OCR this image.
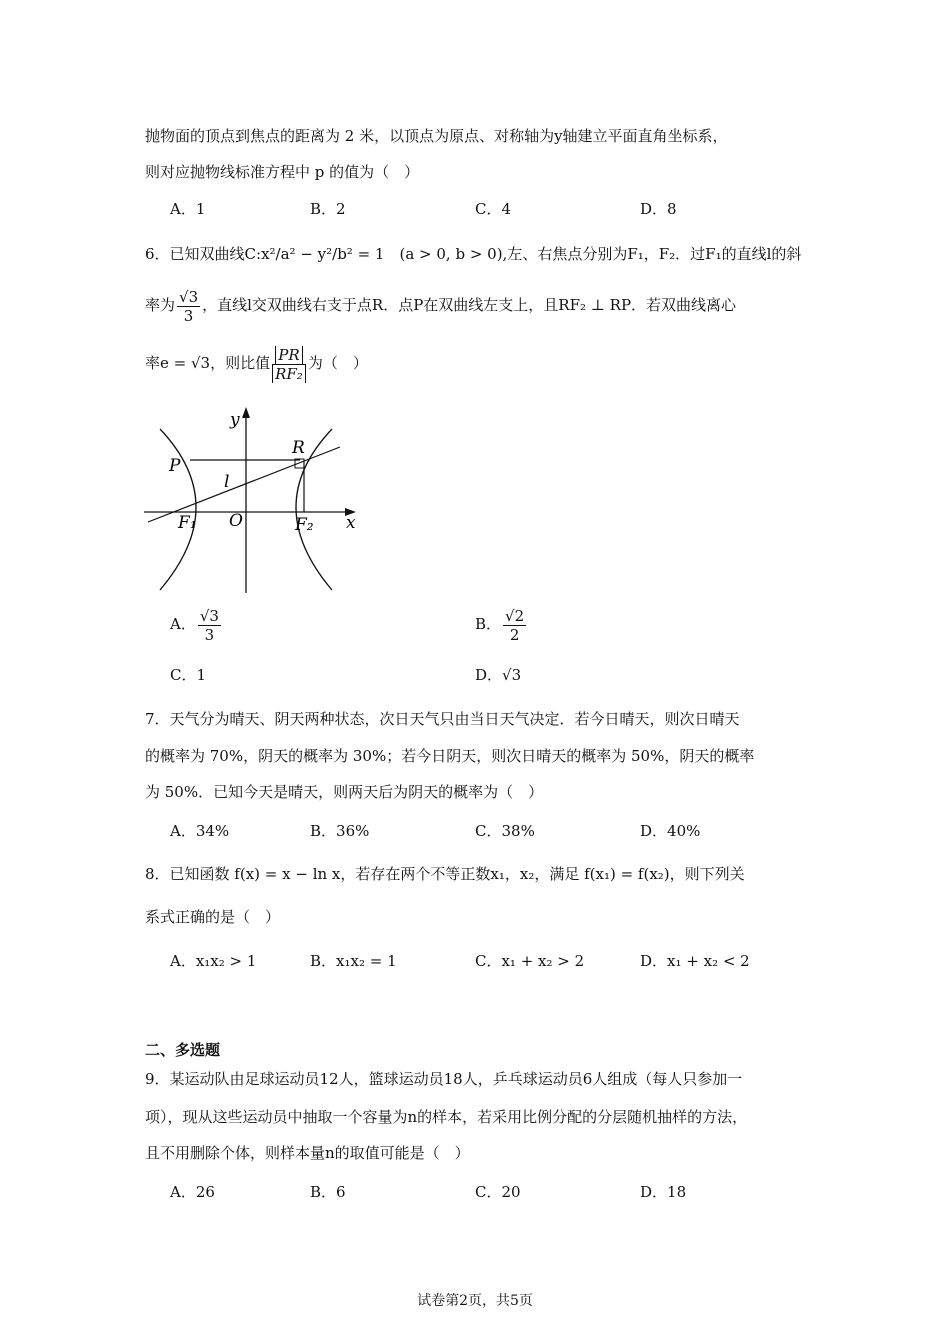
抛物面的顶点到焦点的距离为 2 米，以顶点为原点、对称轴为y轴建立平面直角坐标系，
则对应抛物线标准方程中 p 的值为（　）
A．1	B．2	C．4	D．8
6．已知双曲线C:x²/a² − y²/b² = 1　(a > 0, b > 0),左、右焦点分别为F₁，F₂．过F₁的直线l的斜
率为 $\frac{√3}{3}$ ，直线l交双曲线右支于点R．点P在双曲线左支上，且RF₂ ⊥ RP．若双曲线离心
率e = √3，则比值 $\frac{PR}{\text{RF₂}}$ 为（　）
y
x
O
R
P
l
F₁	F₂
A． $\frac{√3}{3}$	B． $\frac{√2}{2}$
C．1	D．√3
7．天气分为晴天、阴天两种状态，次日天气只由当日天气决定．若今日晴天，则次日晴天
的概率为 70%，阴天的概率为 30%；若今日阴天，则次日晴天的概率为 50%，阴天的概率
为 50%．已知今天是晴天，则两天后为阴天的概率为（　）
A．34%	B．36%	C．38%	D．40%
8．已知函数 f(x) = x − ln x，若存在两个不等正数x₁，x₂，满足 f(x₁) = f(x₂)，则下列关
系式正确的是（　）
A．x₁x₂ > 1	B．x₁x₂ = 1	C．x₁ + x₂ > 2	D．x₁ + x₂ < 2
二、多选题
9．某运动队由足球运动员12人，篮球运动员18人，乒乓球运动员6人组成（每人只参加一
项），现从这些运动员中抽取一个容量为n的样本，若采用比例分配的分层随机抽样的方法，
且不用删除个体，则样本量n的取值可能是（　）
A．26	B．6	C．20	D．18
试卷第2页，共5页
